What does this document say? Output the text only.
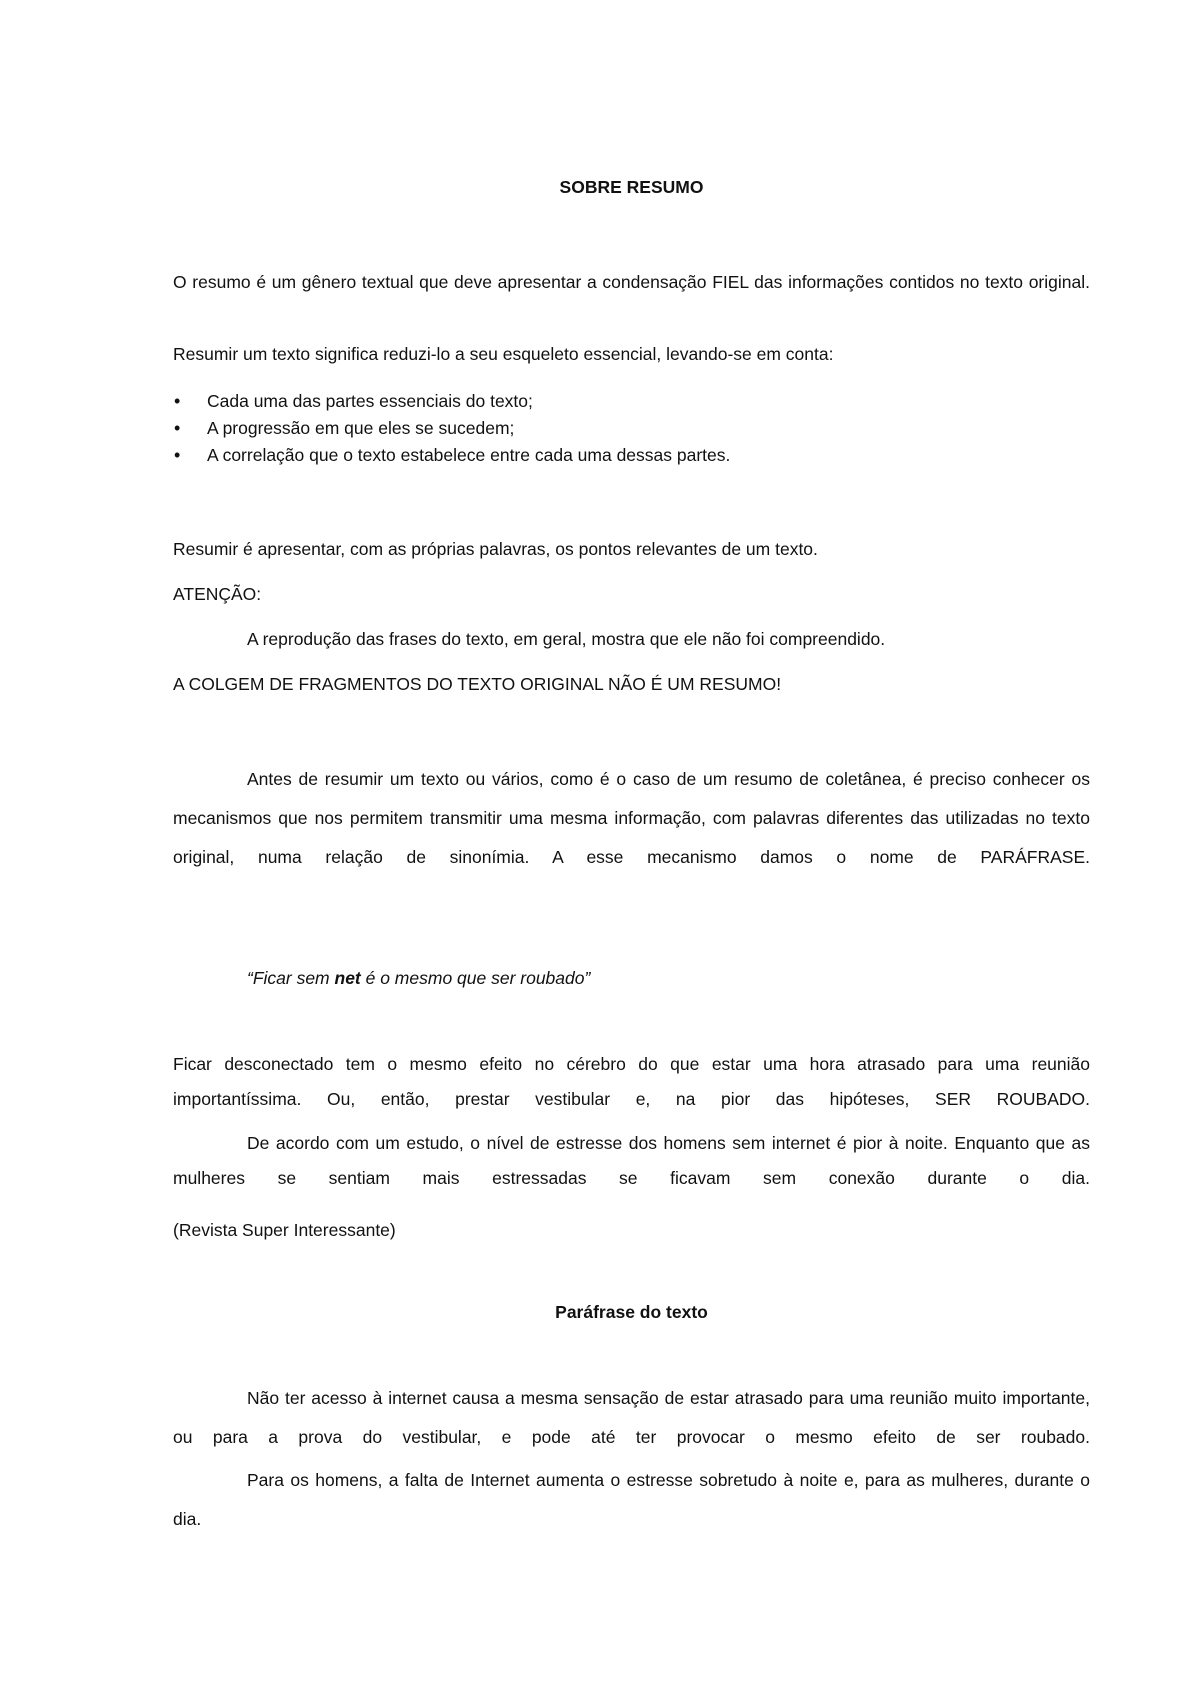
SOBRE RESUMO

O resumo é um gênero textual que deve apresentar a condensação FIEL das informações contidos no texto original.

Resumir um texto significa reduzi-lo a seu esqueleto essencial, levando-se em conta:

• Cada uma das partes essenciais do texto;
• A progressão em que eles se sucedem;
• A correlação que o texto estabelece entre cada uma dessas partes.

Resumir é apresentar, com as próprias palavras, os pontos relevantes de um texto.

ATENÇÃO:

A reprodução das frases do texto, em geral, mostra que ele não foi compreendido.

A COLGEM DE FRAGMENTOS DO TEXTO ORIGINAL NÃO É UM RESUMO!

Antes de resumir um texto ou vários, como é o caso de um resumo de coletânea, é preciso conhecer os mecanismos que nos permitem transmitir uma mesma informação, com palavras diferentes das utilizadas no texto original, numa relação de sinonímia. A esse mecanismo damos o nome de PARÁFRASE.

“Ficar sem net é o mesmo que ser roubado”

Ficar desconectado tem o mesmo efeito no cérebro do que estar uma hora atrasado para uma reunião importantíssima. Ou, então, prestar vestibular e, na pior das hipóteses, SER ROUBADO.

De acordo com um estudo, o nível de estresse dos homens sem internet é pior à noite. Enquanto que as mulheres se sentiam mais estressadas se ficavam sem conexão durante o dia.

(Revista Super Interessante)

Paráfrase do texto

Não ter acesso à internet causa a mesma sensação de estar atrasado para uma reunião muito importante, ou para a prova do vestibular, e pode até ter provocar o mesmo efeito de ser roubado.

Para os homens, a falta de Internet aumenta o estresse sobretudo à noite e, para as mulheres, durante o dia.
